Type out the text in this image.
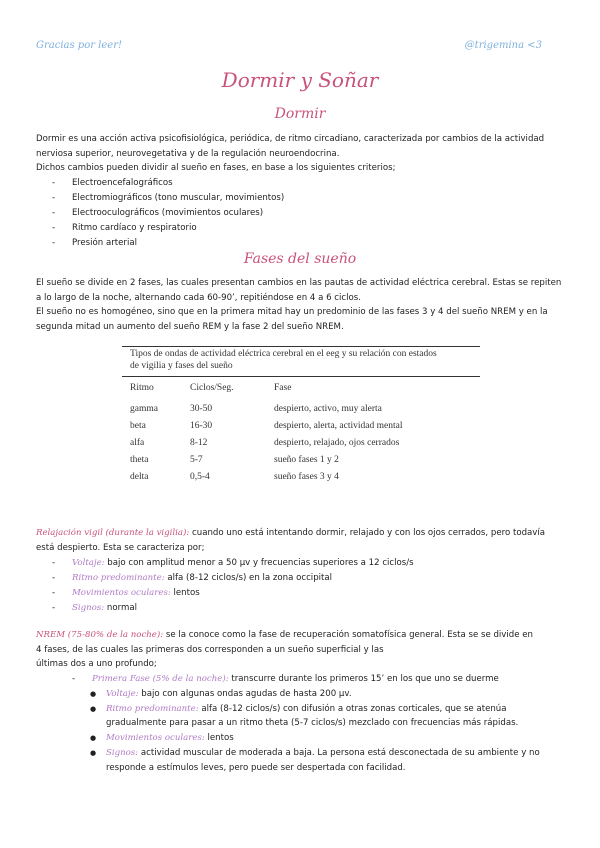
Gracias por leer!	@trigemina <3
Dormir y Soñar
Dormir

Dormir es una acción activa psicofisiológica, periódica, de ritmo circadiano, caracterizada por cambios de la actividad nerviosa superior, neurovegetativa y de la regulación neuroendocrina.

Dichos cambios pueden dividir al sueño en fases, en base a los siguientes criterios;

- Electroencefalográficos
- Electromiográficos (tono muscular, movimientos)
- Electrooculográficos (movimientos oculares)
- Ritmo cardíaco y respiratorio
- Presión arterial
Fases del sueño

El sueño se divide en 2 fases, las cuales presentan cambios en las pautas de actividad eléctrica cerebral. Estas se repiten a lo largo de la noche, alternando cada 60-90’, repitiéndose en 4 a 6 ciclos.

El sueño no es homogéneo, sino que en la primera mitad hay un predominio de las fases 3 y 4 del sueño NREM y en la segunda mitad un aumento del sueño REM y la fase 2 del sueño NREM.

Tipos de ondas de actividad eléctrica cerebral en el eeg y su relación con estados
de vigilia y fases del sueño
Ritmo	Ciclos/Seg.	Fase
gamma	30-50	despierto, activo, muy alerta
beta	16-30	despierto, alerta, actividad mental
alfa	8-12	despierto, relajado, ojos cerrados
theta	5-7	sueño fases 1 y 2
delta	0,5-4	sueño fases 3 y 4

Relajación vigil (durante la vigilia): cuando uno está intentando dormir, relajado y con los ojos cerrados, pero todavía está despierto. Esta se caracteriza por;

- Voltaje: bajo con amplitud menor a 50 µv y frecuencias superiores a 12 ciclos/s
- Ritmo predominante: alfa (8-12 ciclos/s) en la zona occipital
- Movimientos oculares: lentos
- Signos: normal

NREM (75-80% de la noche): se la conoce como la fase de recuperación somatofísica general. Esta se se divide en
4 fases, de las cuales las primeras dos corresponden a un sueño superficial y las
últimas dos a uno profundo;

- Primera Fase (5% de la noche): transcurre durante los primeros 15’ en los que uno se duerme
● Voltaje: bajo con algunas ondas agudas de hasta 200 µv.
● Ritmo predominante: alfa (8-12 ciclos/s) con difusión a otras zonas corticales, que se atenúa gradualmente para pasar a un ritmo theta (5-7 ciclos/s) mezclado con frecuencias más rápidas.
● Movimientos oculares: lentos
● Signos: actividad muscular de moderada a baja. La persona está desconectada de su ambiente y no responde a estímulos leves, pero puede ser despertada con facilidad.
